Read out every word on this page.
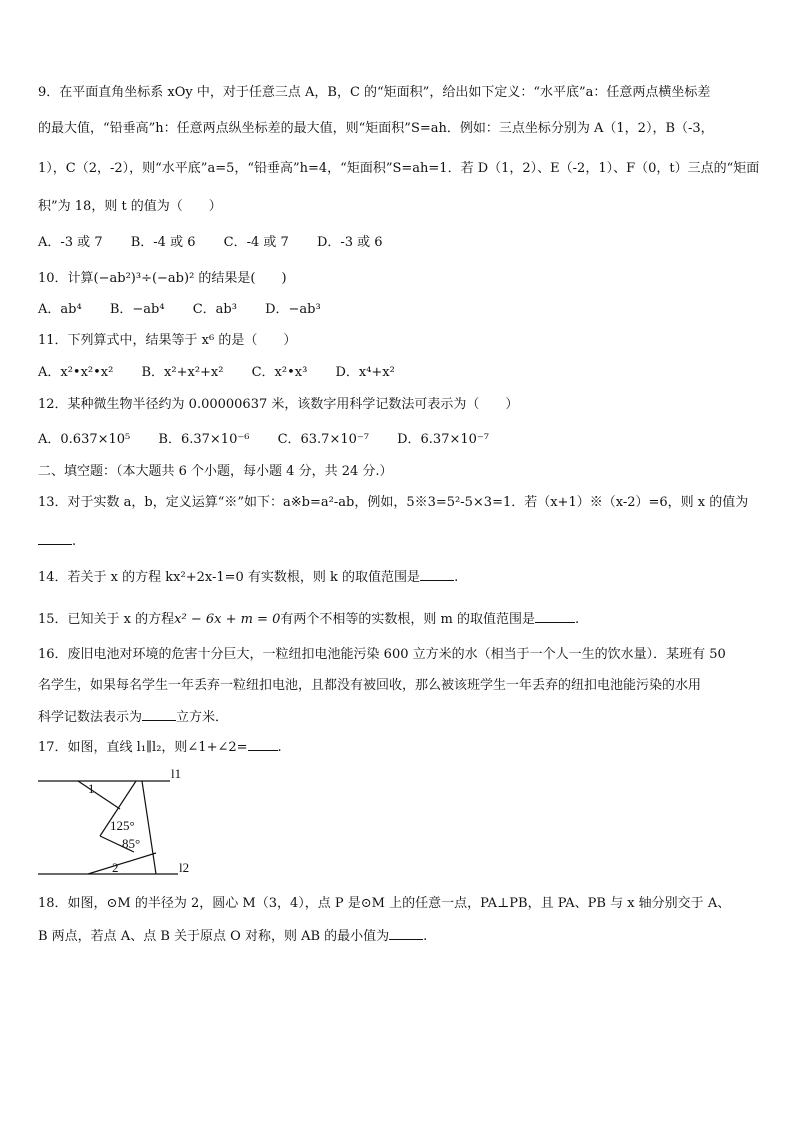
9．在平面直角坐标系 xOy 中，对于任意三点 A，B，C 的“矩面积”，给出如下定义：“水平底”a：任意两点横坐标差
的最大值，“铅垂高”h：任意两点纵坐标差的最大值，则“矩面积”S=ah．例如：三点坐标分别为 A（1，2），B（-3，
1），C（2，-2），则“水平底”a=5，“铅垂高”h=4，“矩面积”S=ah=1．若 D（1，2）、E（-2，1）、F（0，t）三点的“矩面
积”为 18，则 t 的值为（　　）
A．-3 或 7 B．-4 或 6 C．-4 或 7 D．-3 或 6
10．计算(−ab²)³÷(−ab)² 的结果是(　　)
A．ab⁴ B．−ab⁴ C．ab³ D．−ab³
11．下列算式中，结果等于 x⁶ 的是（　　）
A．x²•x²•x² B．x²+x²+x² C．x²•x³ D．x⁴+x²
12．某种微生物半径约为 0.00000637 米，该数字用科学记数法可表示为（　　）
A．0.637×10⁵ B．6.37×10⁻⁶ C．63.7×10⁻⁷ D．6.37×10⁻⁷
二、填空题：（本大题共 6 个小题，每小题 4 分，共 24 分.）
13．对于实数 a，b，定义运算“※”如下：a※b=a²-ab，例如，5※3=5²-5×3=1．若（x+1）※（x-2）=6，则 x 的值为
.
14．若关于 x 的方程 kx²+2x-1=0 有实数根，则 k 的取值范围是	.
15．已知关于 x 的方程x² − 6x + m = 0有两个不相等的实数根，则 m 的取值范围是	.
16．废旧电池对环境的危害十分巨大，一粒纽扣电池能污染 600 立方米的水（相当于一个人一生的饮水量）．某班有 50
名学生，如果每名学生一年丢弃一粒纽扣电池，且都没有被回收，那么被该班学生一年丢弃的纽扣电池能污染的水用
科学记数法表示为	立方米．
17．如图，直线 l₁∥l₂，则∠1+∠2= .
l1
l2
1
125°
85°
2
18．如图，⊙M 的半径为 2，圆心 M（3，4），点 P 是⊙M 上的任意一点，PA⊥PB，且 PA、PB 与 x 轴分别交于 A、
B 两点，若点 A、点 B 关于原点 O 对称，则 AB 的最小值为	.
